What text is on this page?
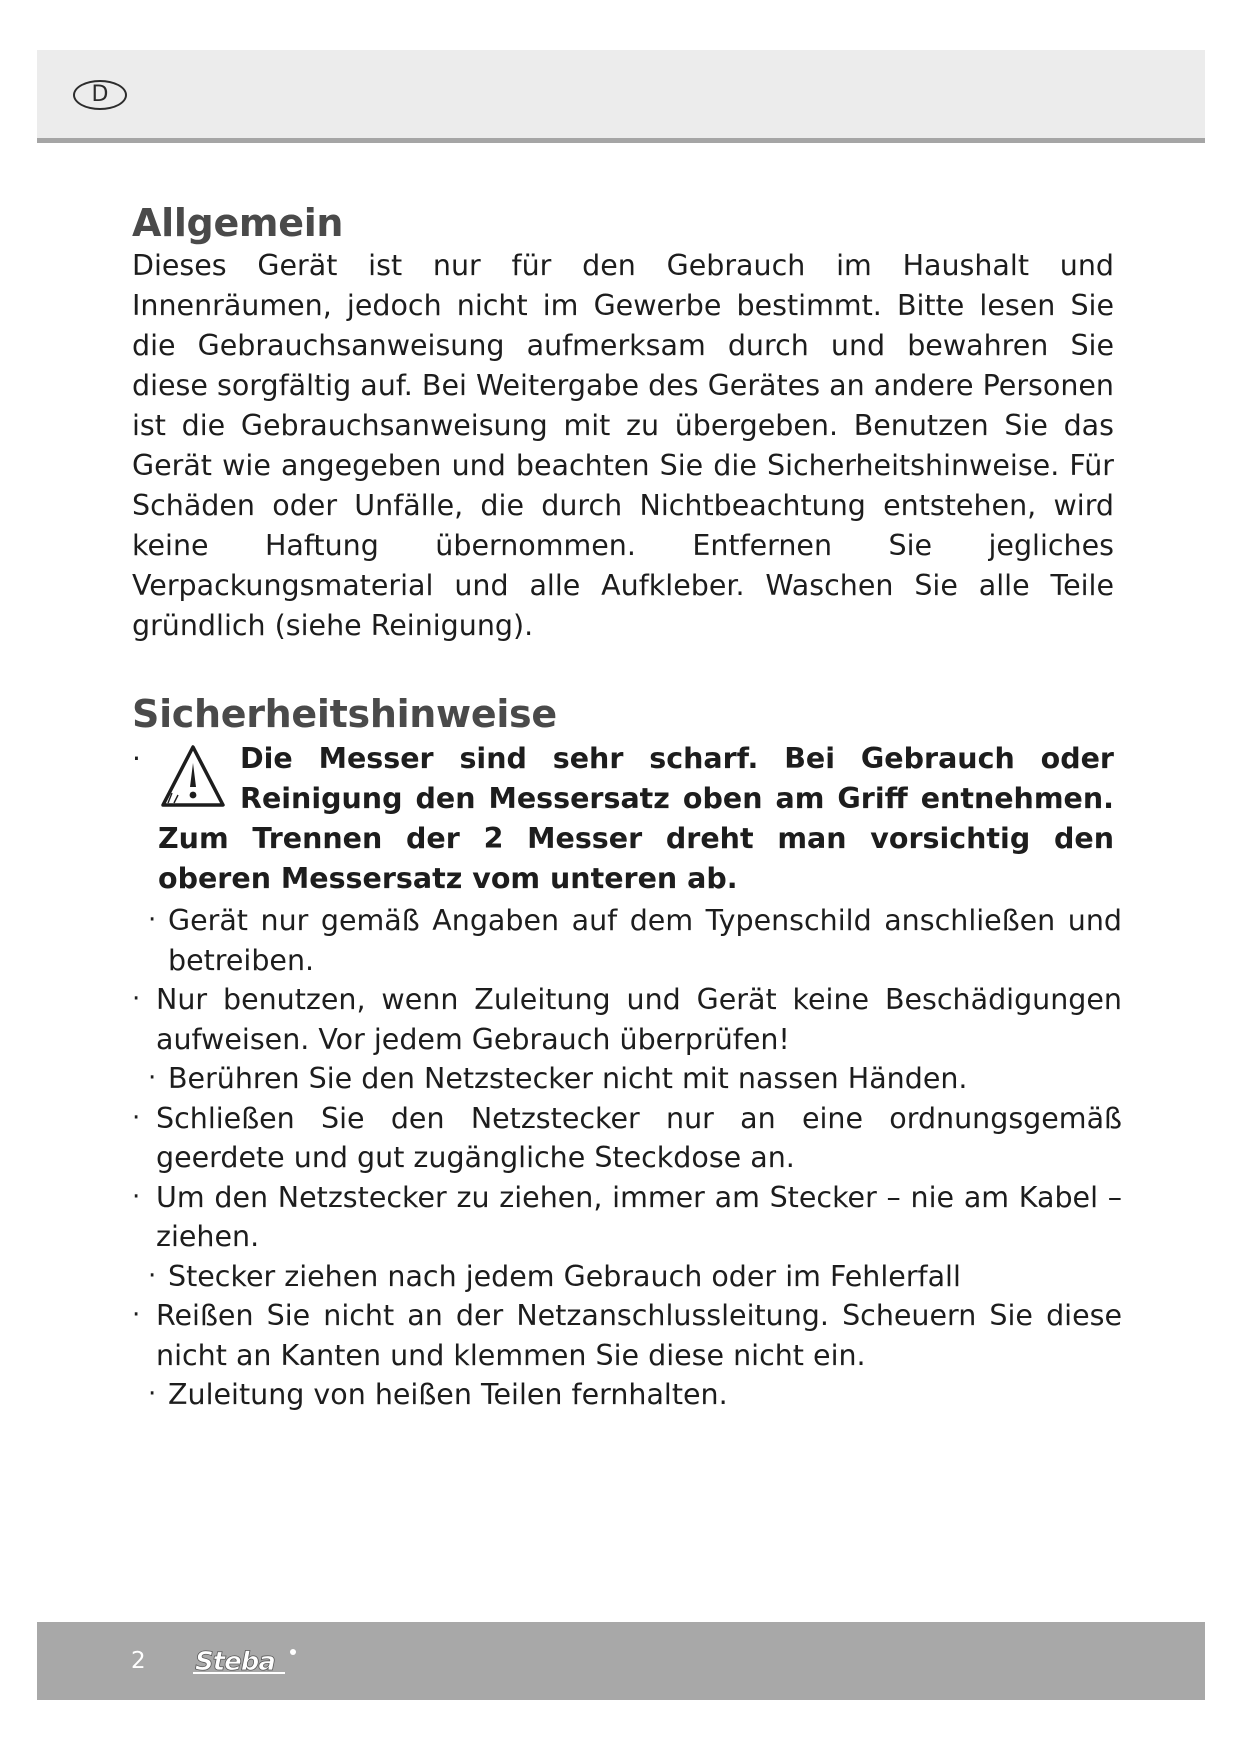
D
Allgemein

Dieses Gerät ist nur für den Gebrauch im Haushalt und Innenräumen, jedoch nicht im Gewerbe bestimmt. Bitte lesen Sie die Gebrauchsanweisung aufmerksam durch und bewahren Sie diese sorgfältig auf. Bei Weitergabe des Gerätes an andere Personen ist die Gebrauchsanweisung mit zu übergeben. Benutzen Sie das Gerät wie angegeben und beachten Sie die Sicherheitshinweise. Für Schäden oder Unfälle, die durch Nichtbeachtung entstehen, wird keine Haftung übernommen. Entfernen Sie jegliches Verpackungsmaterial und alle Aufkleber. Waschen Sie alle Teile gründlich (siehe Reinigung).

Sicherheitshinweise
·	Die Messer sind sehr scharf. Bei Gebrauch oder Reinigung den Messersatz oben am Griff entnehmen. Zum Trennen der 2 Messer dreht man vorsichtig den oberen Messersatz vom unteren ab.
· Gerät nur gemäß Angaben auf dem Typenschild anschließen und betreiben.
· Nur benutzen, wenn Zuleitung und Gerät keine Beschädigungen aufweisen. Vor jedem Gebrauch überprüfen!
· Berühren Sie den Netzstecker nicht mit nassen Händen.
· Schließen Sie den Netzstecker nur an eine ordnungsgemäß geerdete und gut zugängliche Steckdose an.
· Um den Netzstecker zu ziehen, immer am Stecker – nie am Kabel – ziehen.
· Stecker ziehen nach jedem Gebrauch oder im Fehlerfall
· Reißen Sie nicht an der Netzanschlussleitung. Scheuern Sie diese nicht an Kanten und klemmen Sie diese nicht ein.
· Zuleitung von heißen Teilen fernhalten.
2 Steba
